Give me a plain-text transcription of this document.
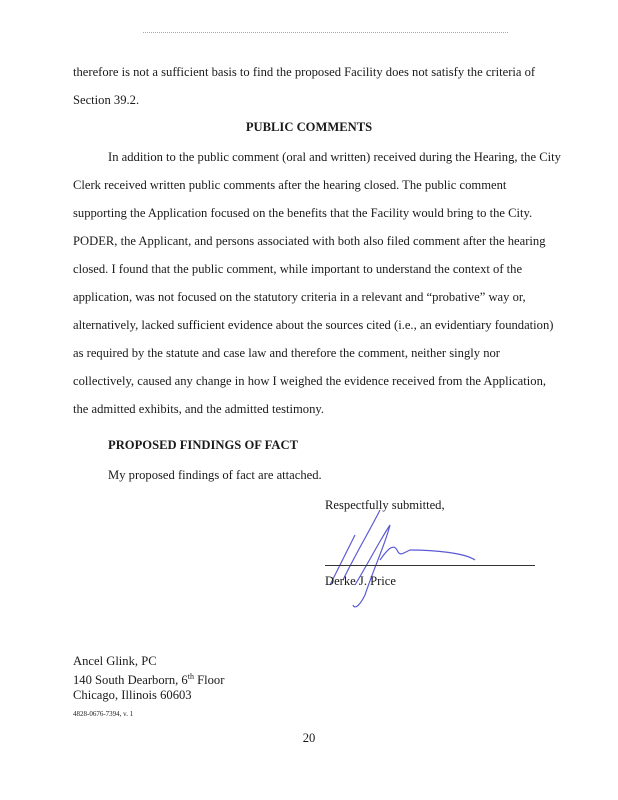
therefore is not a sufficient basis to find the proposed Facility does not satisfy the criteria of
Section 39.2.
PUBLIC COMMENTS
In addition to the public comment (oral and written) received during the Hearing, the City
Clerk received written public comments after the hearing closed. The public comment
supporting the Application focused on the benefits that the Facility would bring to the City.
PODER, the Applicant, and persons associated with both also filed comment after the hearing
closed. I found that the public comment, while important to understand the context of the
application, was not focused on the statutory criteria in a relevant and “probative” way or,
alternatively, lacked sufficient evidence about the sources cited (i.e., an evidentiary foundation)
as required by the statute and case law and therefore the comment, neither singly nor
collectively, caused any change in how I weighed the evidence received from the Application,
the admitted exhibits, and the admitted testimony.
PROPOSED FINDINGS OF FACT
My proposed findings of fact are attached.
Respectfully submitted,
Derke J. Price
Ancel Glink, PC
140 South Dearborn, 6th Floor
Chicago, Illinois 60603
4828-0676-7394, v. 1
20
